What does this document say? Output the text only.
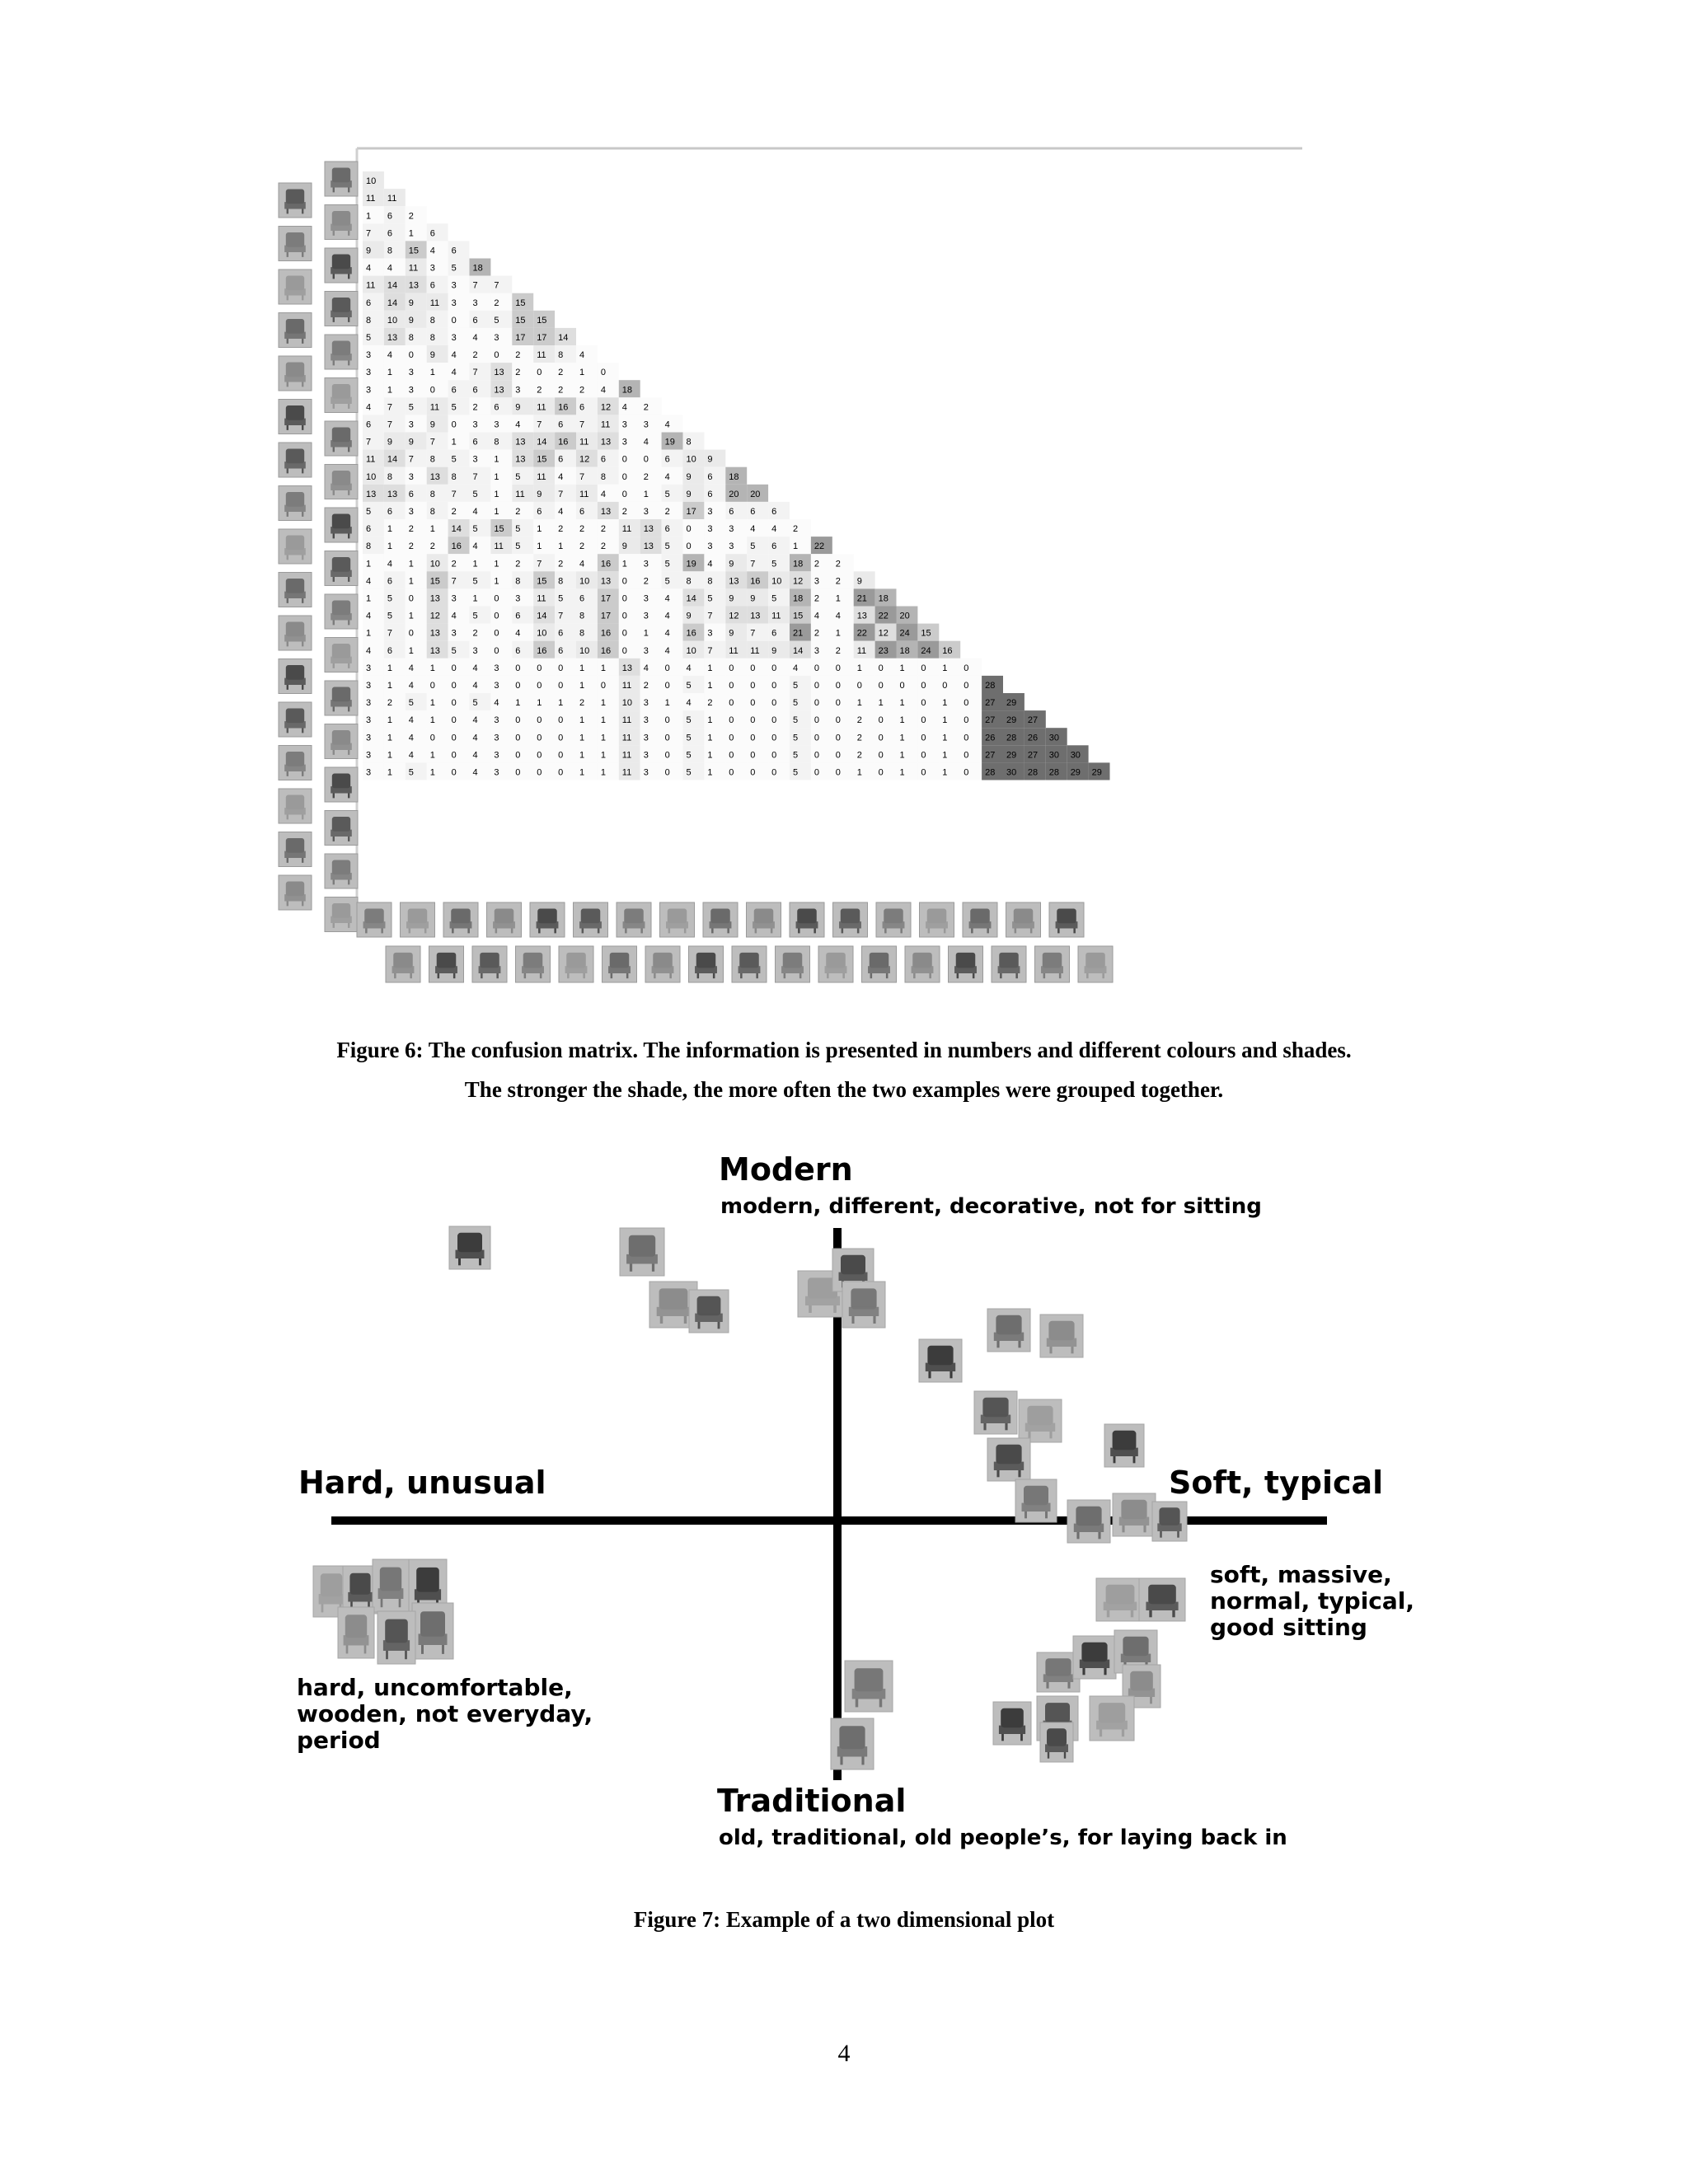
10
11 11
1 6 2
7 6 1 6
9 8 15 4 6
4 4 11 3 5 18
11 14 13 6 3 7 7
6 14 9 11 3 3 2 15
8 10 9 8 0 6 5 15 15
5 13 8 8 3 4 3 17 17 14
3 4 0 9 4 2 0 2 11 8 4
3 1 3 1 4 7 13 2 0 2 1 0
3 1 3 0 6 6 13 3 2 2 2 4 18
4 7 5 11 5 2 6 9 11 16 6 12 4 2
6 7 3 9 0 3 3 4 7 6 7 11 3 3 4
7 9 9 7 1 6 8 13 14 16 11 13 3 4 19 8
11 14 7 8 5 3 1 13 15 6 12 6 0 0 6 10 9
10 8 3 13 8 7 1 5 11 4 7 8 0 2 4 9 6 18
13 13 6 8 7 5 1 11 9 7 11 4 0 1 5 9 6 20 20
5 6 3 8 2 4 1 2 6 4 6 13 2 3 2 17 3 6 6 6
6 1 2 1 14 5 15 5 1 2 2 2 11 13 6 0 3 3 4 4 2
8 1 2 2 16 4 11 5 1 1 2 2 9 13 5 0 3 3 5 6 1 22
1 4 1 10 2 1 1 2 7 2 4 16 1 3 5 19 4 9 7 5 18 2 2
4 6 1 15 7 5 1 8 15 8 10 13 0 2 5 8 8 13 16 10 12 3 2 9
1 5 0 13 3 1 0 3 11 5 6 17 0 3 4 14 5 9 9 5 18 2 1 21 18
4 5 1 12 4 5 0 6 14 7 8 17 0 3 4 9 7 12 13 11 15 4 4 13 22 20
1 7 0 13 3 2 0 4 10 6 8 16 0 1 4 16 3 9 7 6 21 2 1 22 12 24 15
4 6 1 13 5 3 0 6 16 6 10 16 0 3 4 10 7 11 11 9 14 3 2 11 23 18 24 16
3 1 4 1 0 4 3 0 0 0 1 1 13 4 0 4 1 0 0 0 4 0 0 1 0 1 0 1 0
3 1 4 0 0 4 3 0 0 0 1 0 11 2 0 5 1 0 0 0 5 0 0 0 0 0 0 0 0 28
3 2 5 1 0 5 4 1 1 1 2 1 10 3 1 4 2 0 0 0 5 0 0 1 1 1 0 1 0 27 29
3 1 4 1 0 4 3 0 0 0 1 1 11 3 0 5 1 0 0 0 5 0 0 2 0 1 0 1 0 27 29 27
3 1 4 0 0 4 3 0 0 0 1 1 11 3 0 5 1 0 0 0 5 0 0 2 0 1 0 1 0 26 28 26 30
3 1 4 1 0 4 3 0 0 0 1 1 11 3 0 5 1 0 0 0 5 0 0 2 0 1 0 1 0 27 29 27 30 30
3 1 5 1 0 4 3 0 0 0 1 1 11 3 0 5 1 0 0 0 5 0 0 1 0 1 0 1 0 28 30 28 28 29 29
Figure 6: The confusion matrix. The information is presented in numbers and different colours and shades.
The stronger the shade, the more often the two examples were grouped together.
Modern
modern, different, decorative, not for sitting
Hard, unusual	Soft, typical
Traditional
old, traditional, old people’s, for laying back in
soft, massive,
normal, typical,
good sitting
hard, uncomfortable,
wooden, not everyday,
period
Figure 7: Example of a two dimensional plot
4
